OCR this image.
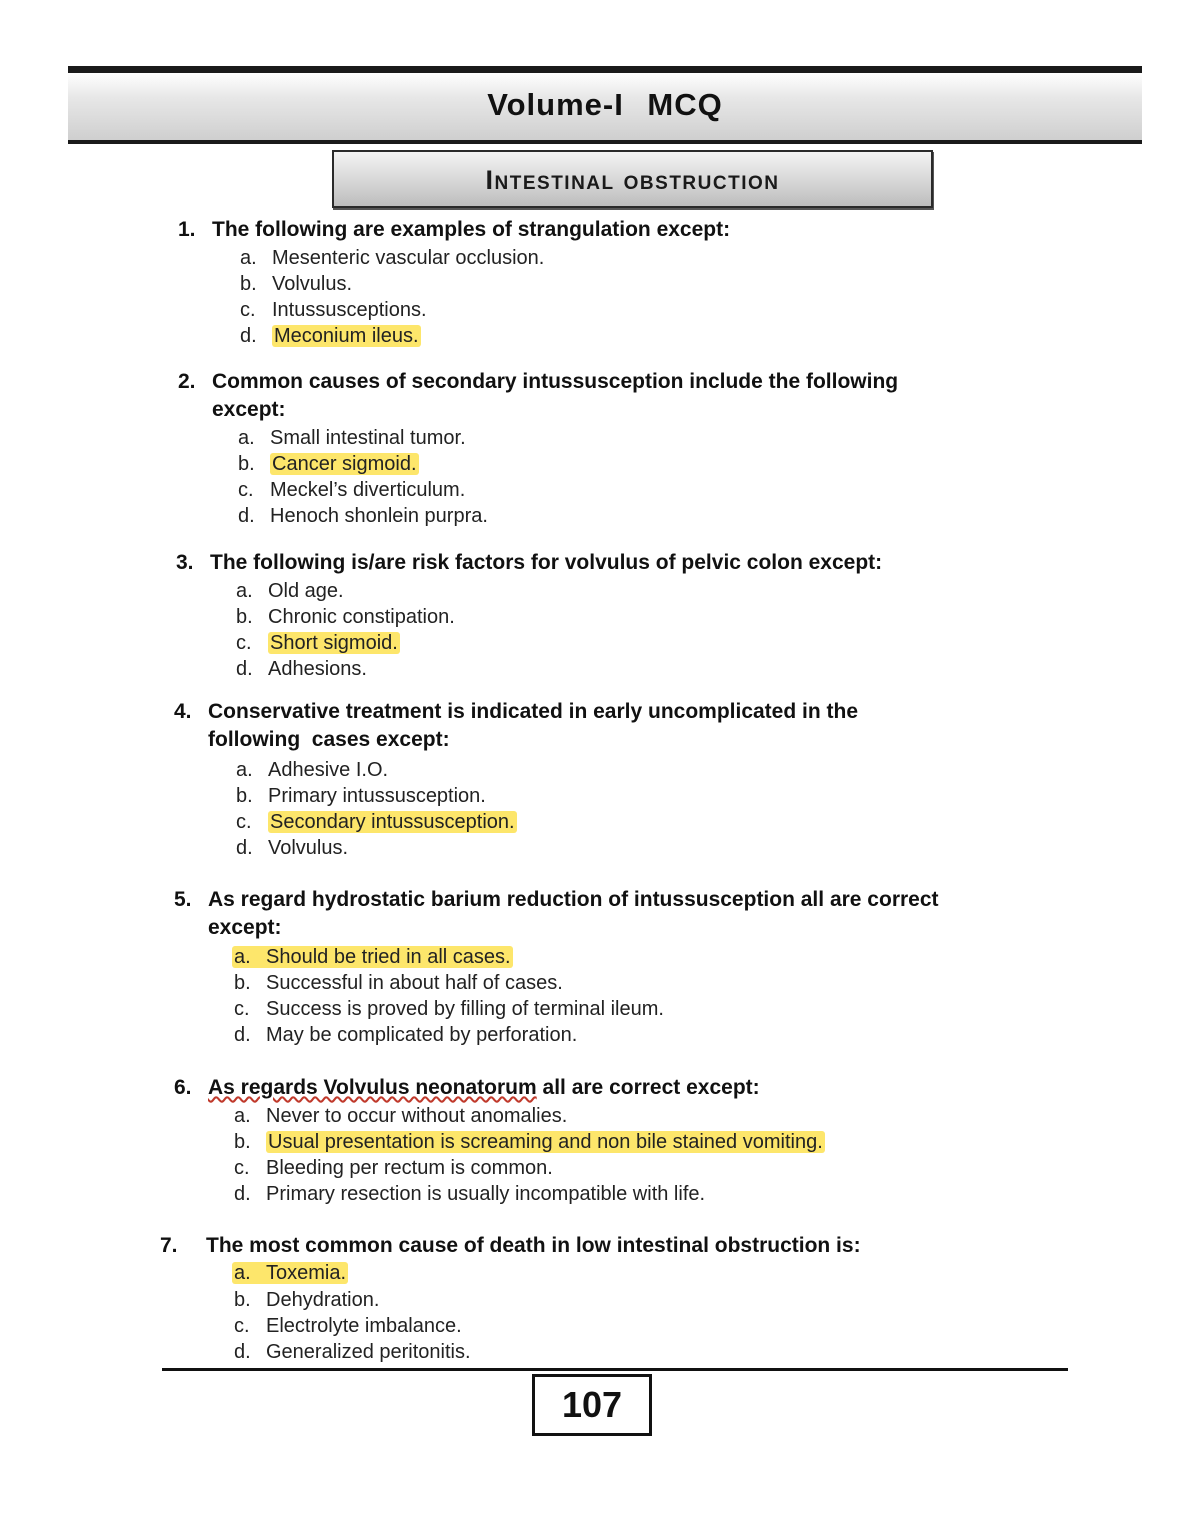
Volume-I MCQ
Intestinal obstruction
1. The following are examples of strangulation except:
a. Mesenteric vascular occlusion.
b. Volvulus.
c. Intussusceptions.
d. Meconium ileus.
2. Common causes of secondary intussusception include the following
except:
a. Small intestinal tumor.
b. Cancer sigmoid.
c. Meckel’s diverticulum.
d. Henoch shonlein purpra.
3. The following is/are risk factors for volvulus of pelvic colon except:
a. Old age.
b. Chronic constipation.
c. Short sigmoid.
d. Adhesions.
4. Conservative treatment is indicated in early uncomplicated in the
following  cases except:
a. Adhesive I.O.
b. Primary intussusception.
c. Secondary intussusception.
d. Volvulus.
5. As regard hydrostatic barium reduction of intussusception all are correct
except:
a. Should be tried in all cases.
b. Successful in about half of cases.
c. Success is proved by filling of terminal ileum.
d. May be complicated by perforation.
6. As regards Volvulus neonatorum all are correct except:
a. Never to occur without anomalies.
b. Usual presentation is screaming and non bile stained vomiting.
c. Bleeding per rectum is common.
d. Primary resection is usually incompatible with life.
7. The most common cause of death in low intestinal obstruction is:
a. Toxemia.
b. Dehydration.
c. Electrolyte imbalance.
d. Generalized peritonitis.
107
